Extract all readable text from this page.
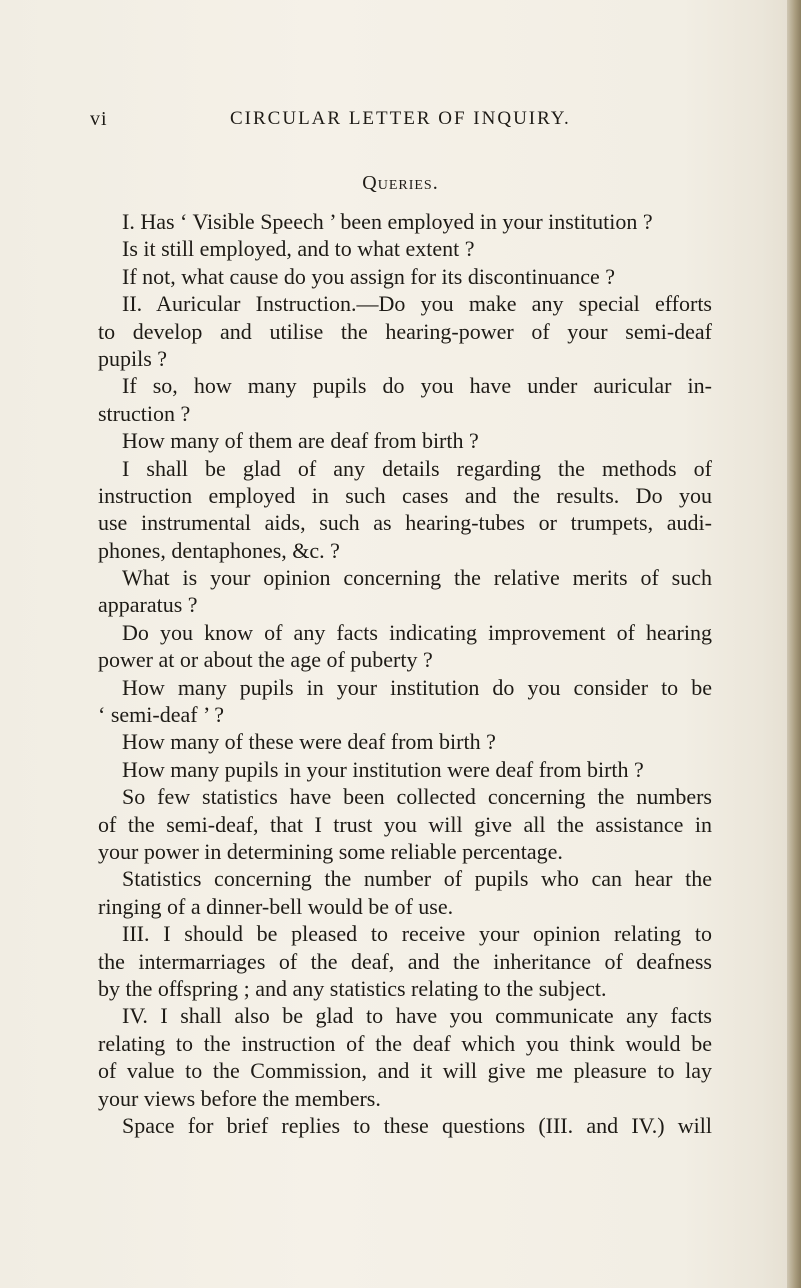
vi	CIRCULAR LETTER OF INQUIRY.
Queries.
I. Has ‘ Visible Speech ’ been employed in your institution ?
Is it still employed, and to what extent ?
If not, what cause do you assign for its discontinuance ?
II. Auricular Instruction.—Do you make any special efforts
to develop and utilise the hearing-power of your semi-deaf
pupils ?
If so, how many pupils do you have under auricular in-
struction ?
How many of them are deaf from birth ?
I shall be glad of any details regarding the methods of
instruction employed in such cases and the results. Do you
use instrumental aids, such as hearing-tubes or trumpets, audi-
phones, dentaphones, &c. ?
What is your opinion concerning the relative merits of such
apparatus ?
Do you know of any facts indicating improvement of hearing
power at or about the age of puberty ?
How many pupils in your institution do you consider to be
‘ semi-deaf ’ ?
How many of these were deaf from birth ?
How many pupils in your institution were deaf from birth ?
So few statistics have been collected concerning the numbers
of the semi-deaf, that I trust you will give all the assistance in
your power in determining some reliable percentage.
Statistics concerning the number of pupils who can hear the
ringing of a dinner-bell would be of use.
III. I should be pleased to receive your opinion relating to
the intermarriages of the deaf, and the inheritance of deafness
by the offspring ; and any statistics relating to the subject.
IV. I shall also be glad to have you communicate any facts
relating to the instruction of the deaf which you think would be
of value to the Commission, and it will give me pleasure to lay
your views before the members.
Space for brief replies to these questions (III. and IV.) will
